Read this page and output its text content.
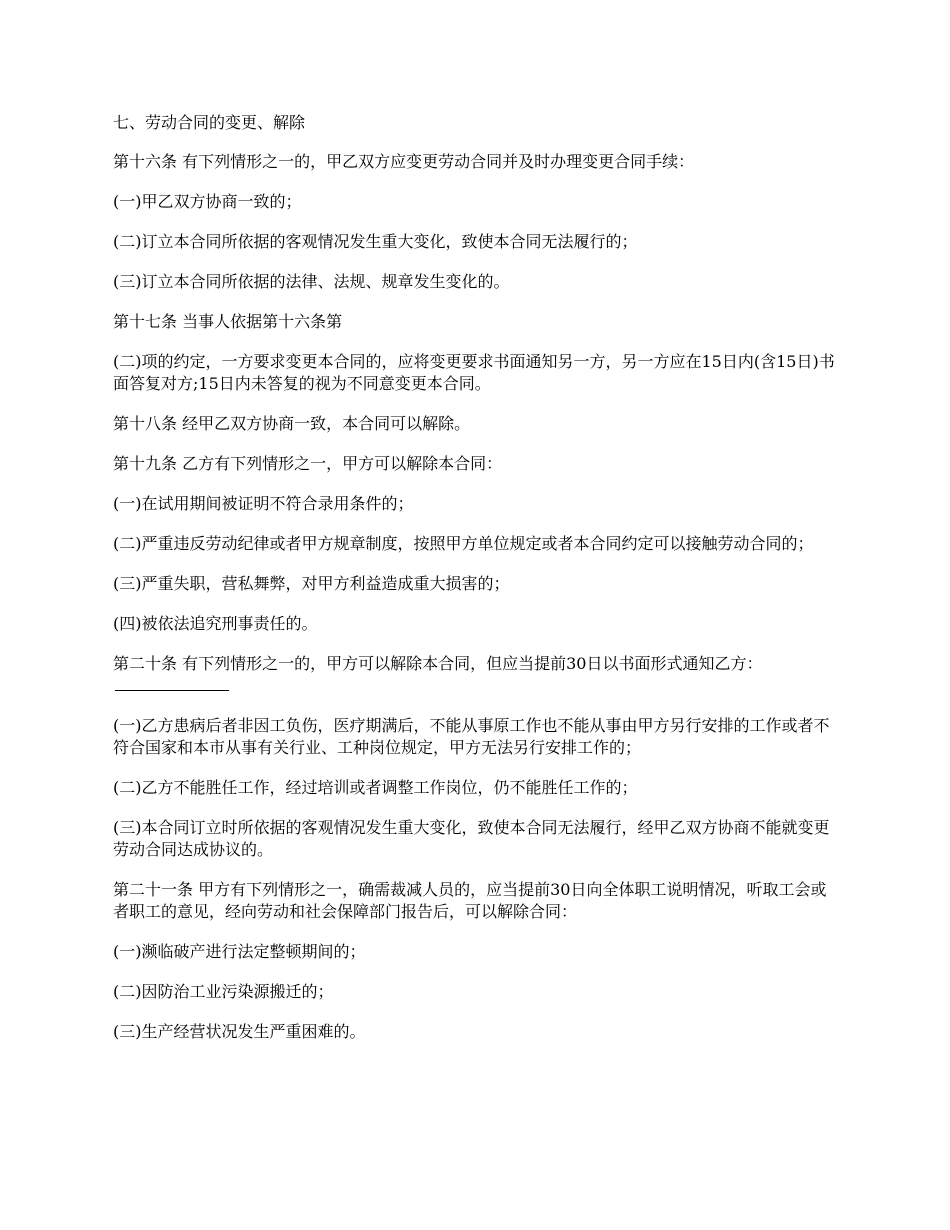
七、劳动合同的变更、解除

第十六条 有下列情形之一的，甲乙双方应变更劳动合同并及时办理变更合同手续：

(一)甲乙双方协商一致的；

(二)订立本合同所依据的客观情况发生重大变化，致使本合同无法履行的；

(三)订立本合同所依据的法律、法规、规章发生变化的。

第十七条 当事人依据第十六条第

(二)项的约定，一方要求变更本合同的，应将变更要求书面通知另一方，另一方应在15日内(含15日)书面答复对方;15日内未答复的视为不同意变更本合同。

第十八条 经甲乙双方协商一致，本合同可以解除。

第十九条 乙方有下列情形之一，甲方可以解除本合同：

(一)在试用期间被证明不符合录用条件的；

(二)严重违反劳动纪律或者甲方规章制度，按照甲方单位规定或者本合同约定可以接触劳动合同的；

(三)严重失职，营私舞弊，对甲方利益造成重大损害的；

(四)被依法追究刑事责任的。

第二十条 有下列情形之一的，甲方可以解除本合同，但应当提前30日以书面形式通知乙方：

(一)乙方患病后者非因工负伤，医疗期满后，不能从事原工作也不能从事由甲方另行安排的工作或者不符合国家和本市从事有关行业、工种岗位规定，甲方无法另行安排工作的；

(二)乙方不能胜任工作，经过培训或者调整工作岗位，仍不能胜任工作的；

(三)本合同订立时所依据的客观情况发生重大变化，致使本合同无法履行，经甲乙双方协商不能就变更劳动合同达成协议的。

第二十一条 甲方有下列情形之一，确需裁减人员的，应当提前30日向全体职工说明情况，听取工会或者职工的意见，经向劳动和社会保障部门报告后，可以解除合同：

(一)濒临破产进行法定整顿期间的；

(二)因防治工业污染源搬迁的；

(三)生产经营状况发生严重困难的。
